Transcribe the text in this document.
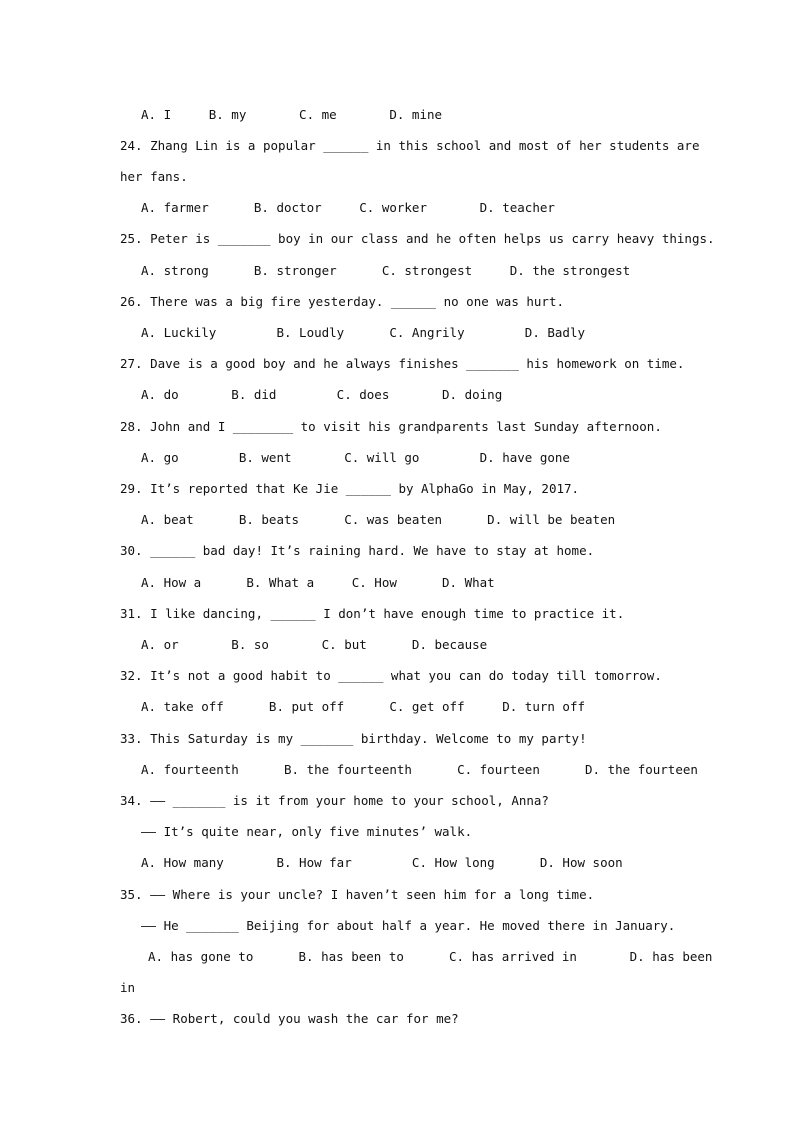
A. I     B. my       C. me       D. mine
24. Zhang Lin is a popular ______ in this school and most of her students are
her fans.
A. farmer      B. doctor     C. worker       D. teacher
25. Peter is _______ boy in our class and he often helps us carry heavy things.
A. strong      B. stronger      C. strongest     D. the strongest
26. There was a big fire yesterday. ______ no one was hurt.
A. Luckily        B. Loudly      C. Angrily        D. Badly
27. Dave is a good boy and he always finishes _______ his homework on time.
A. do       B. did        C. does       D. doing
28. John and I ________ to visit his grandparents last Sunday afternoon.
A. go        B. went       C. will go        D. have gone
29. It’s reported that Ke Jie ______ by AlphaGo in May, 2017.
A. beat      B. beats      C. was beaten      D. will be beaten
30. ______ bad day! It’s raining hard. We have to stay at home.
A. How a      B. What a     C. How      D. What
31. I like dancing, ______ I don’t have enough time to practice it.
A. or       B. so       C. but      D. because
32. It’s not a good habit to ______ what you can do today till tomorrow.
A. take off      B. put off      C. get off     D. turn off
33. This Saturday is my _______ birthday. Welcome to my party!
A. fourteenth      B. the fourteenth      C. fourteen      D. the fourteen
34. —— _______ is it from your home to your school, Anna?
—— It’s quite near, only five minutes’ walk.
A. How many       B. How far        C. How long      D. How soon
35. —— Where is your uncle? I haven’t seen him for a long time.
—— He _______ Beijing for about half a year. He moved there in January.
A. has gone to      B. has been to      C. has arrived in       D. has been
in
36. —— Robert, could you wash the car for me?
